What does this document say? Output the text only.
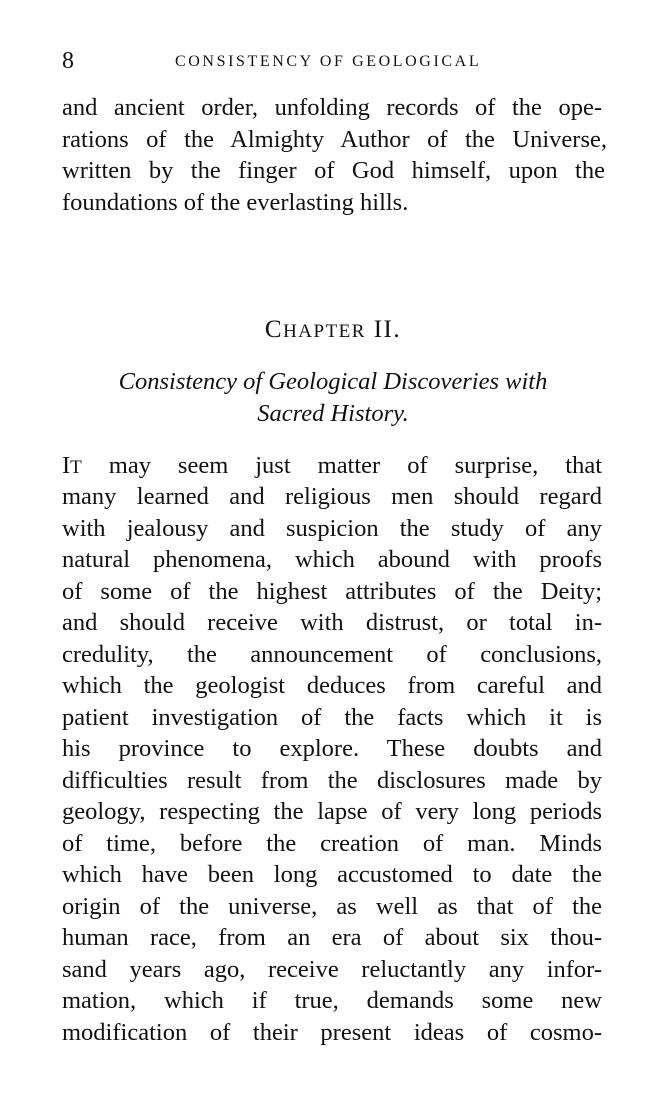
8	CONSISTENCY OF GEOLOGICAL
and ancient order, unfolding records of the ope-
rations of the Almighty Author of the Universe,
written by the finger of God himself, upon the
foundations of the everlasting hills.
CHAPTER II.
Consistency of Geological Discoveries with
Sacred History.
IT may seem just matter of surprise, that
many learned and religious men should regard
with jealousy and suspicion the study of any
natural phenomena, which abound with proofs
of some of the highest attributes of the Deity;
and should receive with distrust, or total in-
credulity, the announcement of conclusions,
which the geologist deduces from careful and
patient investigation of the facts which it is
his province to explore. These doubts and
difficulties result from the disclosures made by
geology, respecting the lapse of very long periods
of time, before the creation of man. Minds
which have been long accustomed to date the
origin of the universe, as well as that of the
human race, from an era of about six thou-
sand years ago, receive reluctantly any infor-
mation, which if true, demands some new
modification of their present ideas of cosmo-
